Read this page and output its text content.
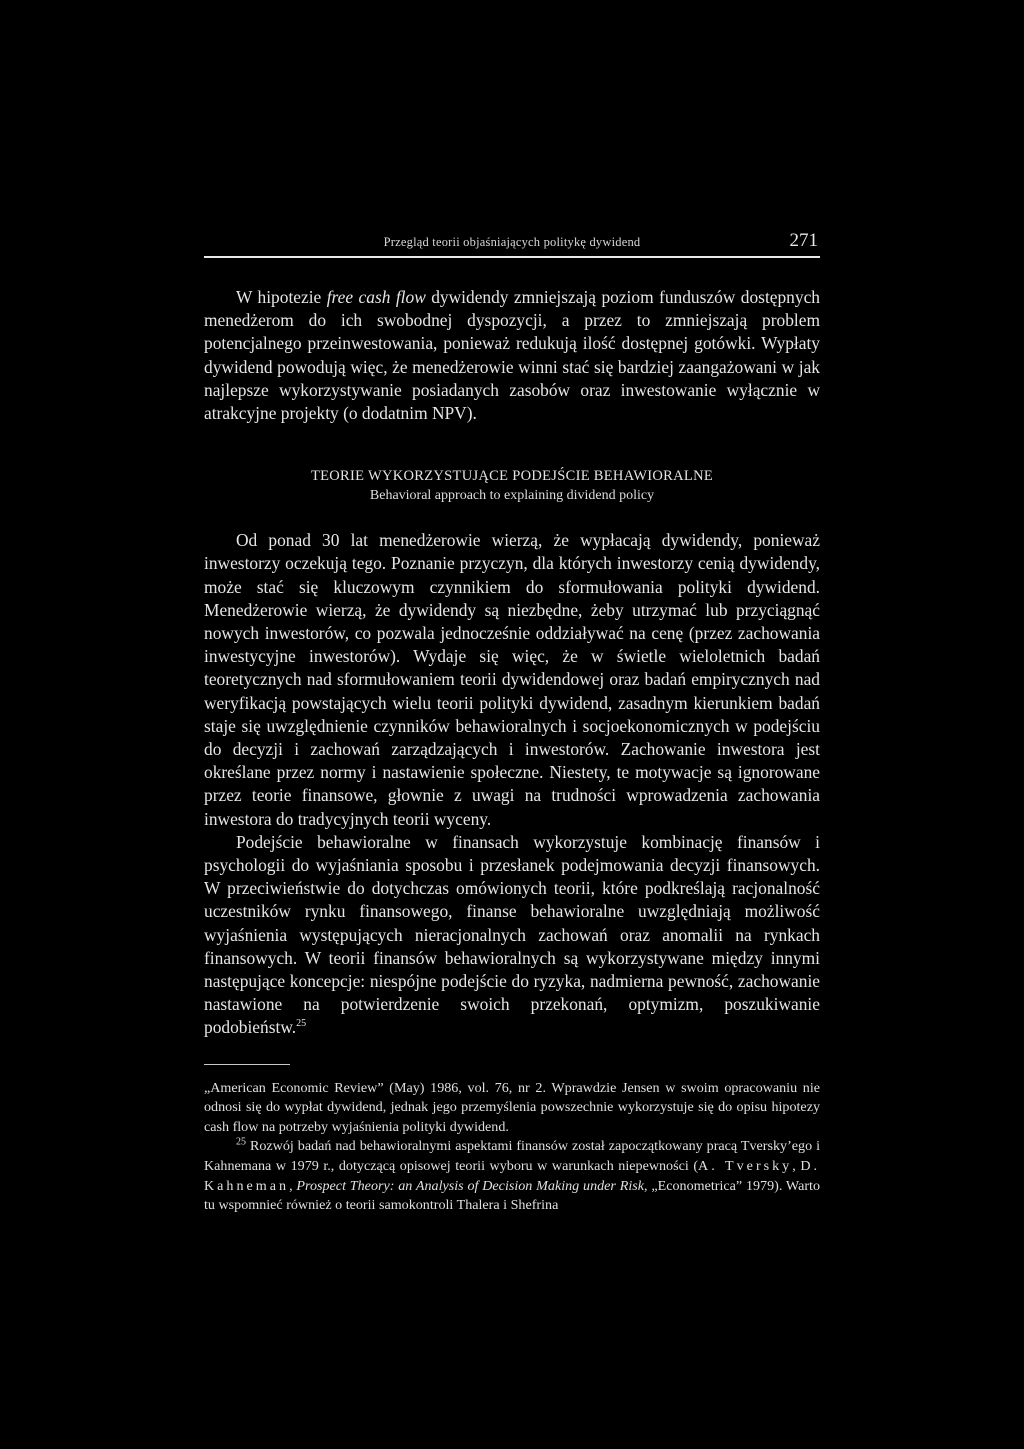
Przegląd teorii objaśniających politykę dywidend	271

W hipotezie free cash flow dywidendy zmniejszają poziom funduszów dostępnych menedżerom do ich swobodnej dyspozycji, a przez to zmniejszają problem potencjalnego przeinwestowania, ponieważ redukują ilość dostępnej gotówki. Wypłaty dywidend powodują więc, że menedżerowie winni stać się bardziej zaangażowani w jak najlepsze wykorzystywanie posiadanych zasobów oraz inwestowanie wyłącznie w atrakcyjne projekty (o dodatnim NPV).

TEORIE WYKORZYSTUJĄCE PODEJŚCIE BEHAWIORALNE
Behavioral approach to explaining dividend policy

Od ponad 30 lat menedżerowie wierzą, że wypłacają dywidendy, ponieważ inwestorzy oczekują tego. Poznanie przyczyn, dla których inwestorzy cenią dywidendy, może stać się kluczowym czynnikiem do sformułowania polityki dywidend. Menedżerowie wierzą, że dywidendy są niezbędne, żeby utrzymać lub przyciągnąć nowych inwestorów, co pozwala jednocześnie oddziaływać na cenę (przez zachowania inwestycyjne inwestorów). Wydaje się więc, że w świetle wieloletnich badań teoretycznych nad sformułowaniem teorii dywidendowej oraz badań empirycznych nad weryfikacją powstających wielu teorii polityki dywidend, zasadnym kierunkiem badań staje się uwzględnienie czynników behawioralnych i socjoekonomicznych w podejściu do decyzji i zachowań zarządzających i inwestorów. Zachowanie inwestora jest określane przez normy i nastawienie społeczne. Niestety, te motywacje są ignorowane przez teorie finansowe, głownie z uwagi na trudności wprowadzenia zachowania inwestora do tradycyjnych teorii wyceny.

Podejście behawioralne w finansach wykorzystuje kombinację finansów i psychologii do wyjaśniania sposobu i przesłanek podejmowania decyzji finansowych. W przeciwieństwie do dotychczas omówionych teorii, które podkreślają racjonalność uczestników rynku finansowego, finanse behawioralne uwzględniają możliwość wyjaśnienia występujących nieracjonalnych zachowań oraz anomalii na rynkach finansowych. W teorii finansów behawioralnych są wykorzystywane między innymi następujące koncepcje: niespójne podejście do ryzyka, nadmierna pewność, zachowanie nastawione na potwierdzenie swoich przekonań, optymizm, poszukiwanie podobieństw.$^{25}$

„American Economic Review” (May) 1986, vol. 76, nr 2. Wprawdzie Jensen w swoim opracowaniu nie odnosi się do wypłat dywidend, jednak jego przemyślenia powszechnie wykorzystuje się do opisu hipotezy cash flow na potrzeby wyjaśnienia polityki dywidend.

$^{25}$ Rozwój badań nad behawioralnymi aspektami finansów został zapoczątkowany pracą Tversky’ego i Kahnemana w 1979 r., dotyczącą opisowej teorii wyboru w warunkach niepewności (A. Tversky, D. Kahneman, Prospect Theory: an Analysis of Decision Making under Risk, „Econometrica” 1979). Warto tu wspomnieć również o teorii samokontroli Thalera i Shefrina
